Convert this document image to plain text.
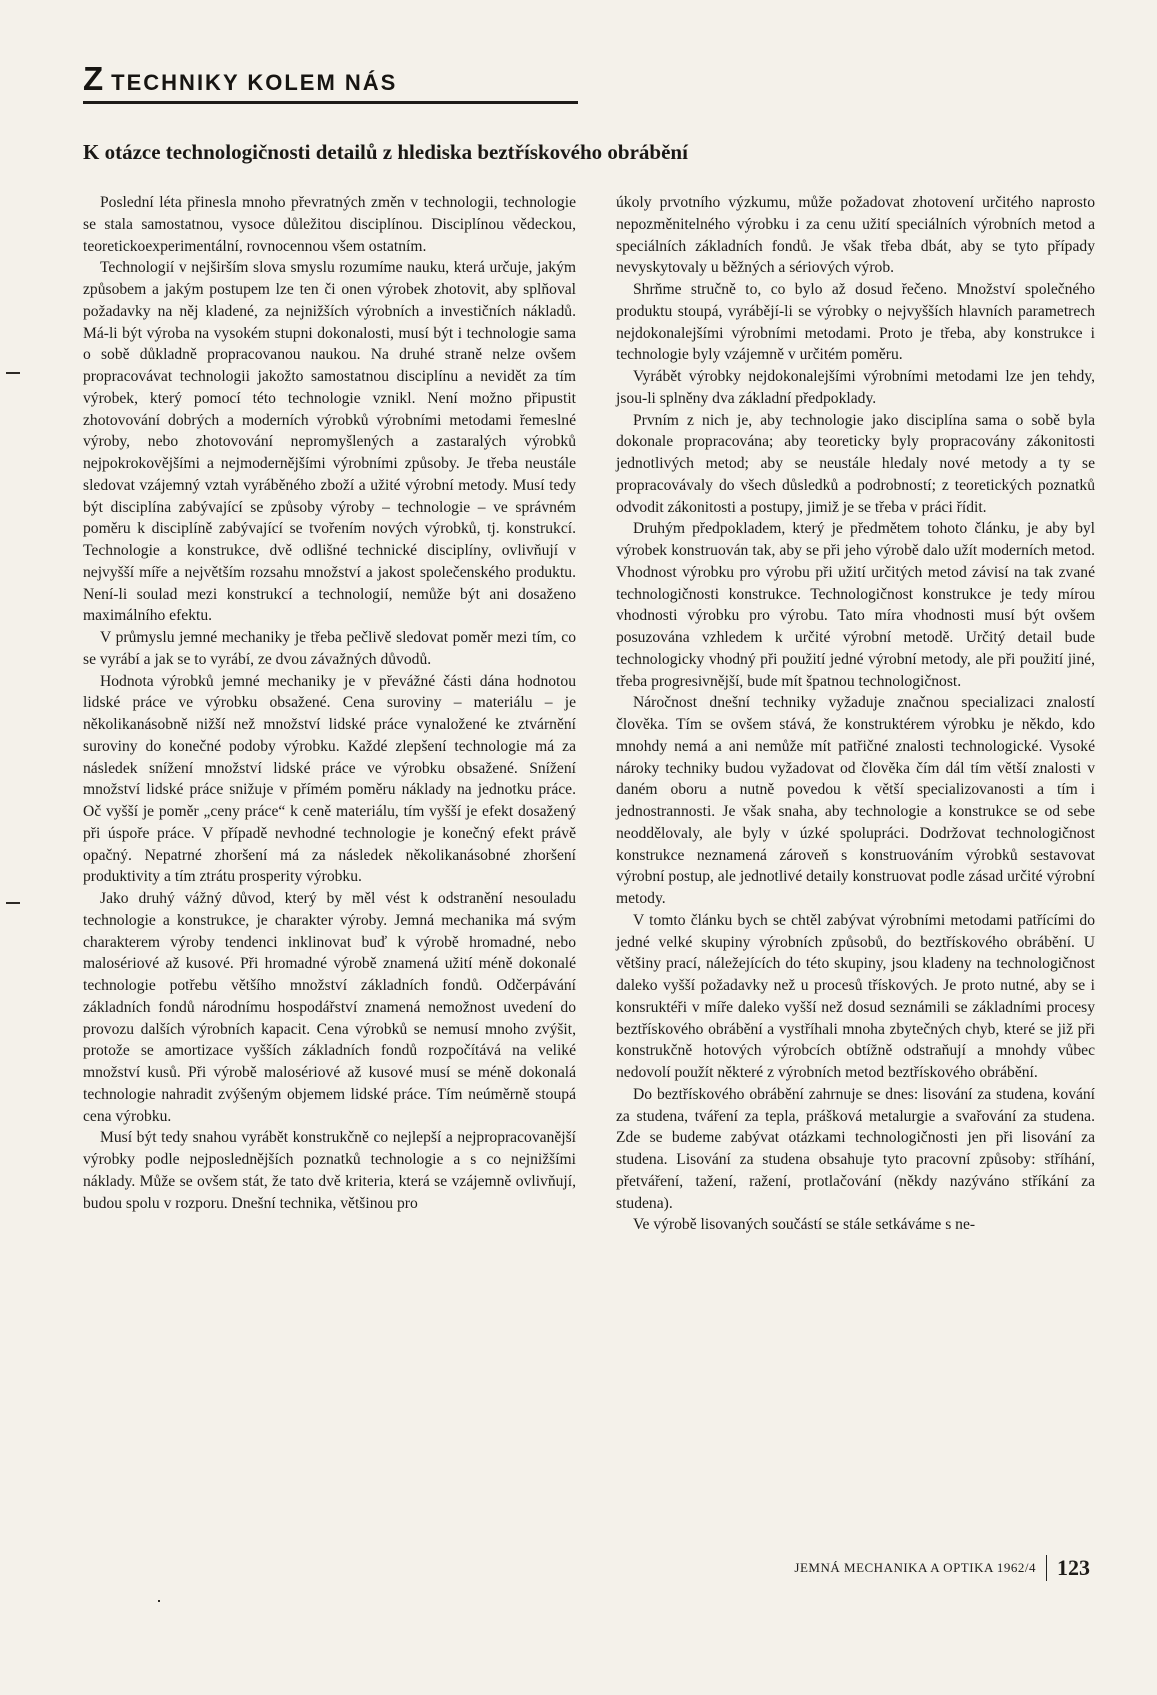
ZTECHNIKY KOLEM NÁS
K otázce technologičnosti detailů z hlediska beztřískového obrábění

Poslední léta přinesla mnoho převratných změn v technologii, technologie se stala samostatnou, vysoce důležitou disciplínou. Disciplínou vědeckou, teoretickoexperimentální, rovnocennou všem ostatním.

Technologií v nejširším slova smyslu rozumíme nauku, která určuje, jakým způsobem a jakým postupem lze ten či onen výrobek zhotovit, aby splňoval požadavky na něj kladené, za nejnižších výrobních a investičních nákladů. Má-li být výroba na vysokém stupni dokonalosti, musí být i technologie sama o sobě důkladně propracovanou naukou. Na druhé straně nelze ovšem propracovávat technologii jakožto samostatnou disciplínu a nevidět za tím výrobek, který pomocí této technologie vznikl. Není možno připustit zhotovování dobrých a moderních výrobků výrobními metodami řemeslné výroby, nebo zhotovování nepromyšlených a zastaralých výrobků nejpokrokovějšími a nejmodernějšími výrobními způsoby. Je třeba neustále sledovat vzájemný vztah vyráběného zboží a užité výrobní metody. Musí tedy být disciplína zabývající se způsoby výroby – technologie – ve správném poměru k disciplíně zabývající se tvořením nových výrobků, tj. konstrukcí. Technologie a konstrukce, dvě odlišné technické disciplíny, ovlivňují v nejvyšší míře a největším rozsahu množství a jakost společenského produktu. Není-li soulad mezi konstrukcí a technologií, nemůže být ani dosaženo maximálního efektu.

V průmyslu jemné mechaniky je třeba pečlivě sledovat poměr mezi tím, co se vyrábí a jak se to vyrábí, ze dvou závažných důvodů.

Hodnota výrobků jemné mechaniky je v převážné části dána hodnotou lidské práce ve výrobku obsažené. Cena suroviny – materiálu – je několikanásobně nižší než množství lidské práce vynaložené ke ztvárnění suroviny do konečné podoby výrobku. Každé zlepšení technologie má za následek snížení množství lidské práce ve výrobku obsažené. Snížení množství lidské práce snižuje v přímém poměru náklady na jednotku práce. Oč vyšší je poměr „ceny práce“ k ceně materiálu, tím vyšší je efekt dosažený při úspoře práce. V případě nevhodné technologie je konečný efekt právě opačný. Nepatrné zhoršení má za následek několikanásobné zhoršení produktivity a tím ztrátu prosperity výrobku.

Jako druhý vážný důvod, který by měl vést k odstranění nesouladu technologie a konstrukce, je charakter výroby. Jemná mechanika má svým charakterem výroby tendenci inklinovat buď k výrobě hromadné, nebo malosériové až kusové. Při hromadné výrobě znamená užití méně dokonalé technologie potřebu většího množství základních fondů. Odčerpávání základních fondů národnímu hospodářství znamená nemožnost uvedení do provozu dalších výrobních kapacit. Cena výrobků se nemusí mnoho zvýšit, protože se amortizace vyšších základních fondů rozpočítává na veliké množství kusů. Při výrobě malosériové až kusové musí se méně dokonalá technologie nahradit zvýšeným objemem lidské práce. Tím neúměrně stoupá cena výrobku.

Musí být tedy snahou vyrábět konstrukčně co nejlepší a nejpropracovanější výrobky podle nejposlednějších poznatků technologie a s co nejnižšími náklady. Může se ovšem stát, že tato dvě kriteria, která se vzájemně ovlivňují, budou spolu v rozporu. Dnešní technika, většinou pro

úkoly prvotního výzkumu, může požadovat zhotovení určitého naprosto nepozměnitelného výrobku i za cenu užití speciálních výrobních metod a speciálních základních fondů. Je však třeba dbát, aby se tyto případy nevyskytovaly u běžných a sériových výrob.

Shrňme stručně to, co bylo až dosud řečeno. Množství společného produktu stoupá, vyrábějí-li se výrobky o nejvyšších hlavních parametrech nejdokonalejšími výrobními metodami. Proto je třeba, aby konstrukce i technologie byly vzájemně v určitém poměru.

Vyrábět výrobky nejdokonalejšími výrobními metodami lze jen tehdy, jsou-li splněny dva základní předpoklady.

Prvním z nich je, aby technologie jako disciplína sama o sobě byla dokonale propracována; aby teoreticky byly propracovány zákonitosti jednotlivých metod; aby se neustále hledaly nové metody a ty se propracovávaly do všech důsledků a podrobností; z teoretických poznatků odvodit zákonitosti a postupy, jimiž je se třeba v práci řídit.

Druhým předpokladem, který je předmětem tohoto článku, je aby byl výrobek konstruován tak, aby se při jeho výrobě dalo užít moderních metod. Vhodnost výrobku pro výrobu při užití určitých metod závisí na tak zvané technologičnosti konstrukce. Technologičnost konstrukce je tedy mírou vhodnosti výrobku pro výrobu. Tato míra vhodnosti musí být ovšem posuzována vzhledem k určité výrobní metodě. Určitý detail bude technologicky vhodný při použití jedné výrobní metody, ale při použití jiné, třeba progresivnější, bude mít špatnou technologičnost.

Náročnost dnešní techniky vyžaduje značnou specializaci znalostí člověka. Tím se ovšem stává, že konstruktérem výrobku je někdo, kdo mnohdy nemá a ani nemůže mít patřičné znalosti technologické. Vysoké nároky techniky budou vyžadovat od člověka čím dál tím větší znalosti v daném oboru a nutně povedou k větší specializovanosti a tím i jednostrannosti. Je však snaha, aby technologie a konstrukce se od sebe neoddělovaly, ale byly v úzké spolupráci. Dodržovat technologičnost konstrukce neznamená zároveň s konstruováním výrobků sestavovat výrobní postup, ale jednotlivé detaily konstruovat podle zásad určité výrobní metody.

V tomto článku bych se chtěl zabývat výrobními metodami patřícími do jedné velké skupiny výrobních způsobů, do beztřískového obrábění. U většiny prací, náležejících do této skupiny, jsou kladeny na technologičnost daleko vyšší požadavky než u procesů třískových. Je proto nutné, aby se i konsruktéři v míře daleko vyšší než dosud seznámili se základními procesy beztřískového obrábění a vystříhali mnoha zbytečných chyb, které se již při konstrukčně hotových výrobcích obtížně odstraňují a mnohdy vůbec nedovolí použít některé z výrobních metod beztřískového obrábění.

Do beztřískového obrábění zahrnuje se dnes: lisování za studena, kování za studena, tváření za tepla, prášková metalurgie a svařování za studena. Zde se budeme zabývat otázkami technologičnosti jen při lisování za studena. Lisování za studena obsahuje tyto pracovní způsoby: stříhání, přetváření, tažení, ražení, protlačování (někdy nazýváno stříkání za studena).

Ve výrobě lisovaných součástí se stále setkáváme s ne-

JEMNÁ MECHANIKA A OPTIKA 1962/4 123
